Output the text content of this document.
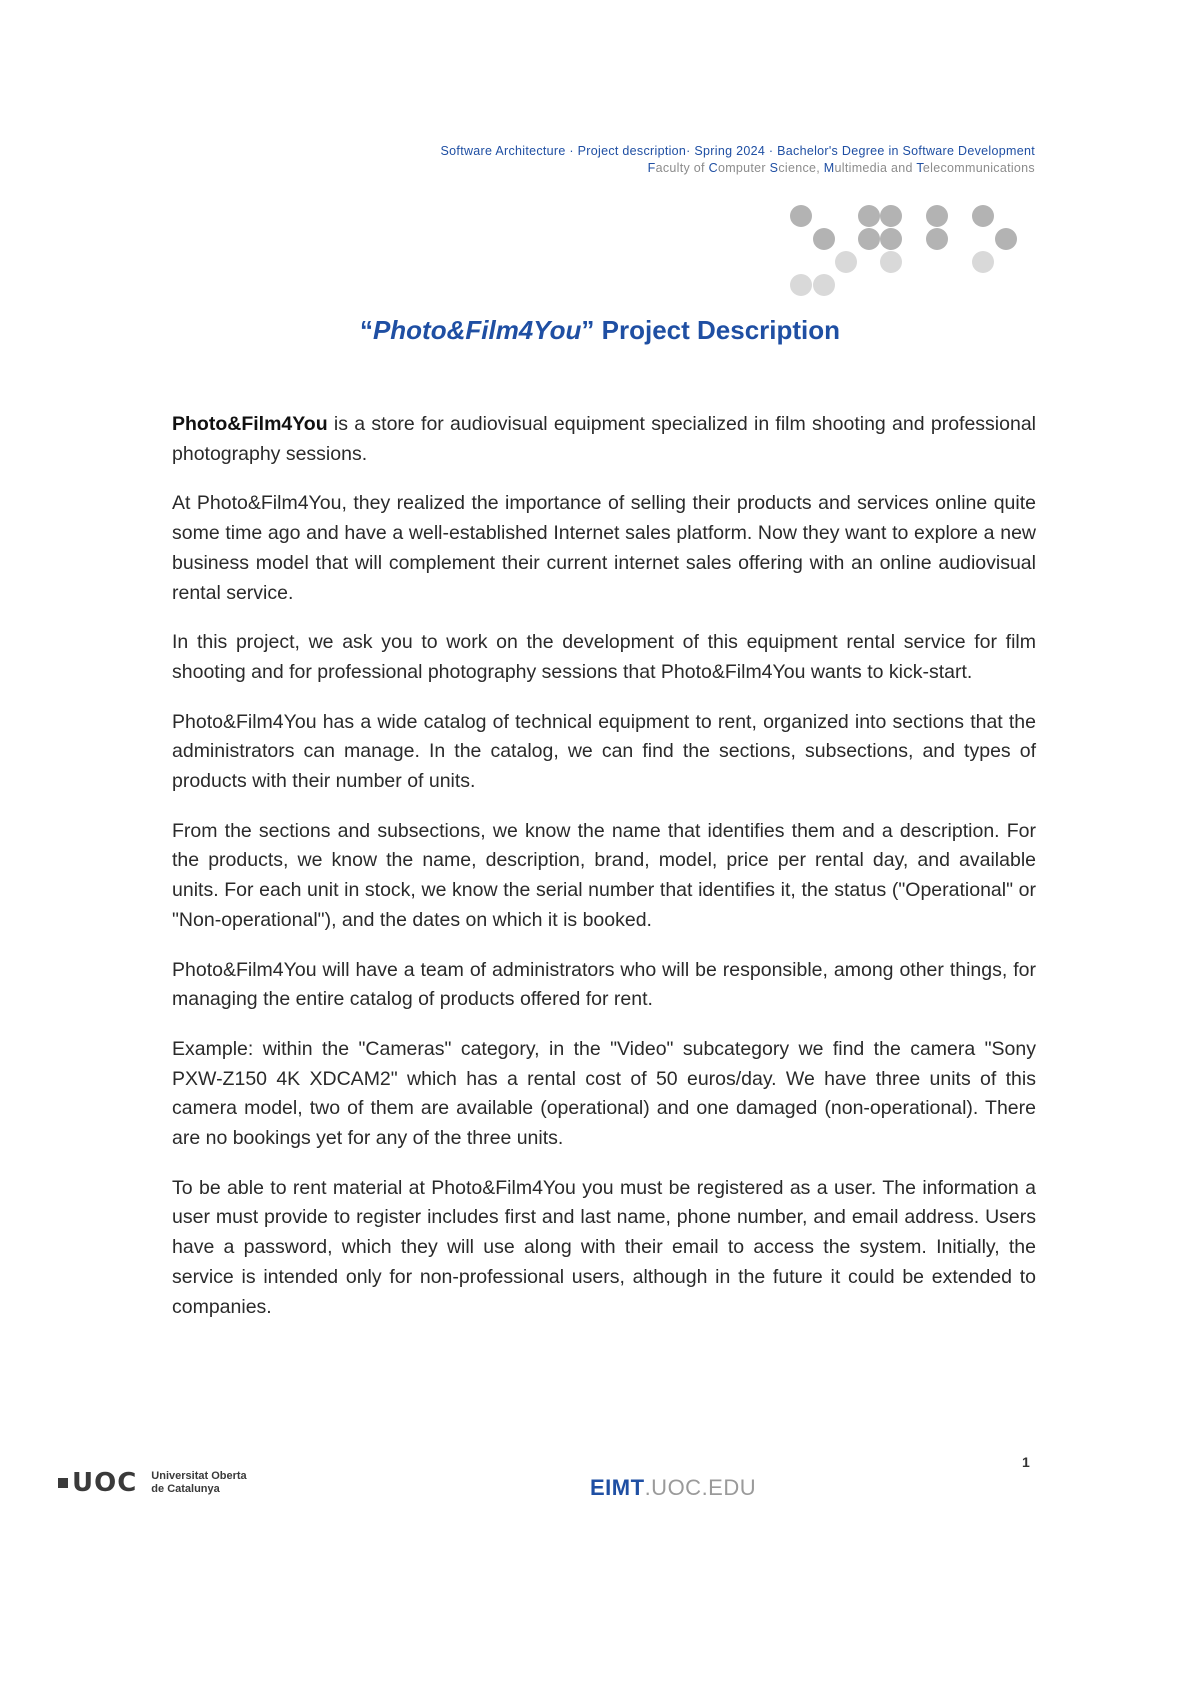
Software Architecture · Project description· Spring 2024 · Bachelor's Degree in Software Development
Faculty of Computer Science, Multimedia and Telecommunications
“Photo&Film4You” Project Description

Photo&Film4You is a store for audiovisual equipment specialized in film shooting and professional photography sessions.

At Photo&Film4You, they realized the importance of selling their products and services online quite some time ago and have a well-established Internet sales platform. Now they want to explore a new business model that will complement their current internet sales offering with an online audiovisual rental service.

In this project, we ask you to work on the development of this equipment rental service for film shooting and for professional photography sessions that Photo&Film4You wants to kick-start.

Photo&Film4You has a wide catalog of technical equipment to rent, organized into sections that the administrators can manage. In the catalog, we can find the sections, subsections, and types of products with their number of units.

From the sections and subsections, we know the name that identifies them and a description. For the products, we know the name, description, brand, model, price per rental day, and available units. For each unit in stock, we know the serial number that identifies it, the status ("Operational" or "Non-operational"), and the dates on which it is booked.

Photo&Film4You will have a team of administrators who will be responsible, among other things, for managing the entire catalog of products offered for rent.

Example: within the "Cameras" category, in the "Video" subcategory we find the camera "Sony PXW-Z150 4K XDCAM2" which has a rental cost of 50 euros/day. We have three units of this camera model, two of them are available (operational) and one damaged (non-operational). There are no bookings yet for any of the three units.

To be able to rent material at Photo&Film4You you must be registered as a user. The information a user must provide to register includes first and last name, phone number, and email address. Users have a password, which they will use along with their email to access the system. Initially, the service is intended only for non-professional users, although in the future it could be extended to companies.

1
UOC Universitat Oberta
de Catalunya	EIMT.UOC.EDU
